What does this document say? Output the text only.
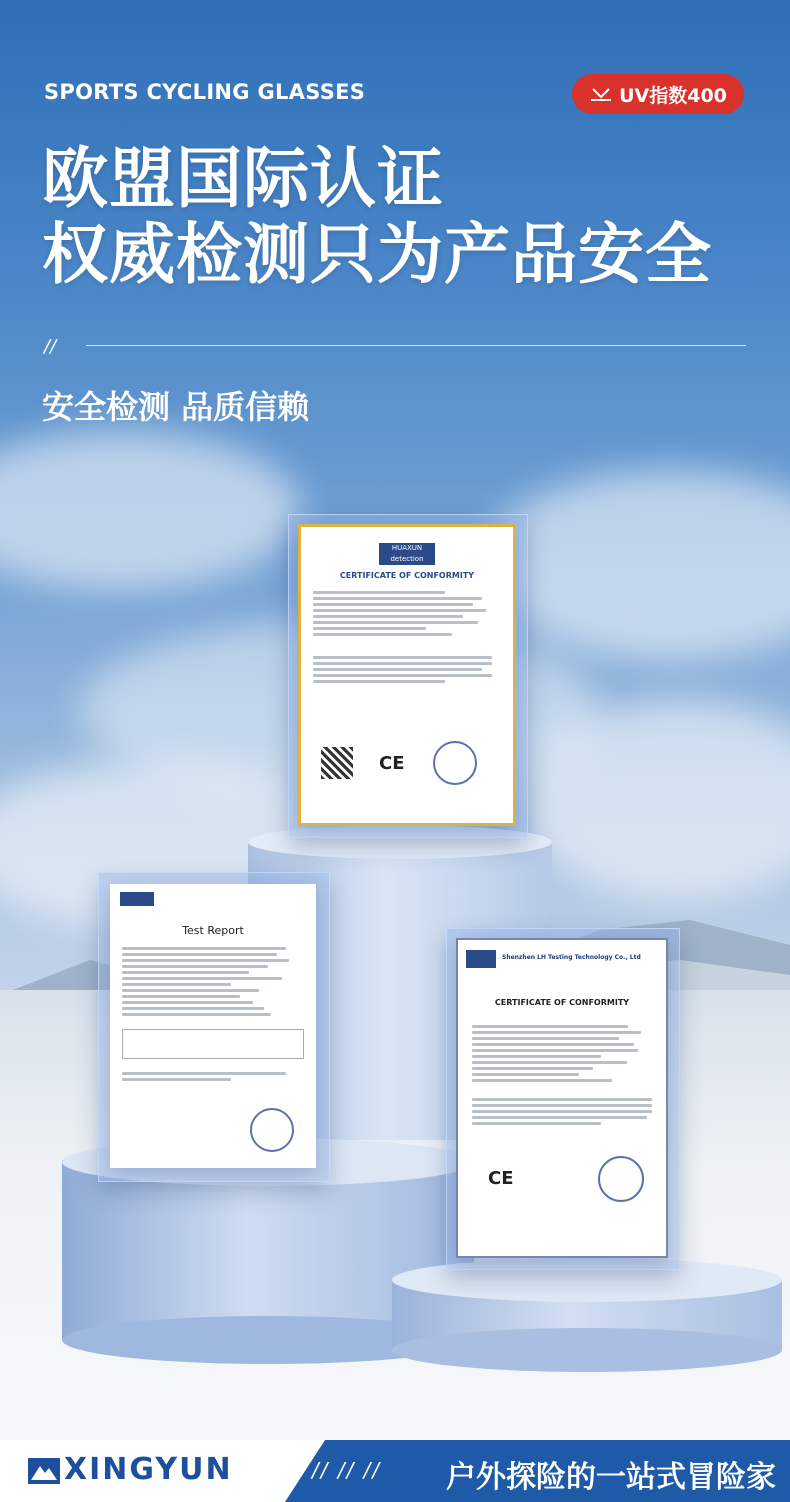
SPORTS CYCLING GLASSES	UV指数400
欧盟国际认证
权威检测只为产品安全
//
安全检测 品质信赖
HUAXUN detection
CERTIFICATE OF CONFORMITY
CE
Test Report
Shenzhen LH Testing Technology Co., Ltd
CERTIFICATE OF CONFORMITY
CE
XINGYUN	// // // 户外探险的一站式冒险家
